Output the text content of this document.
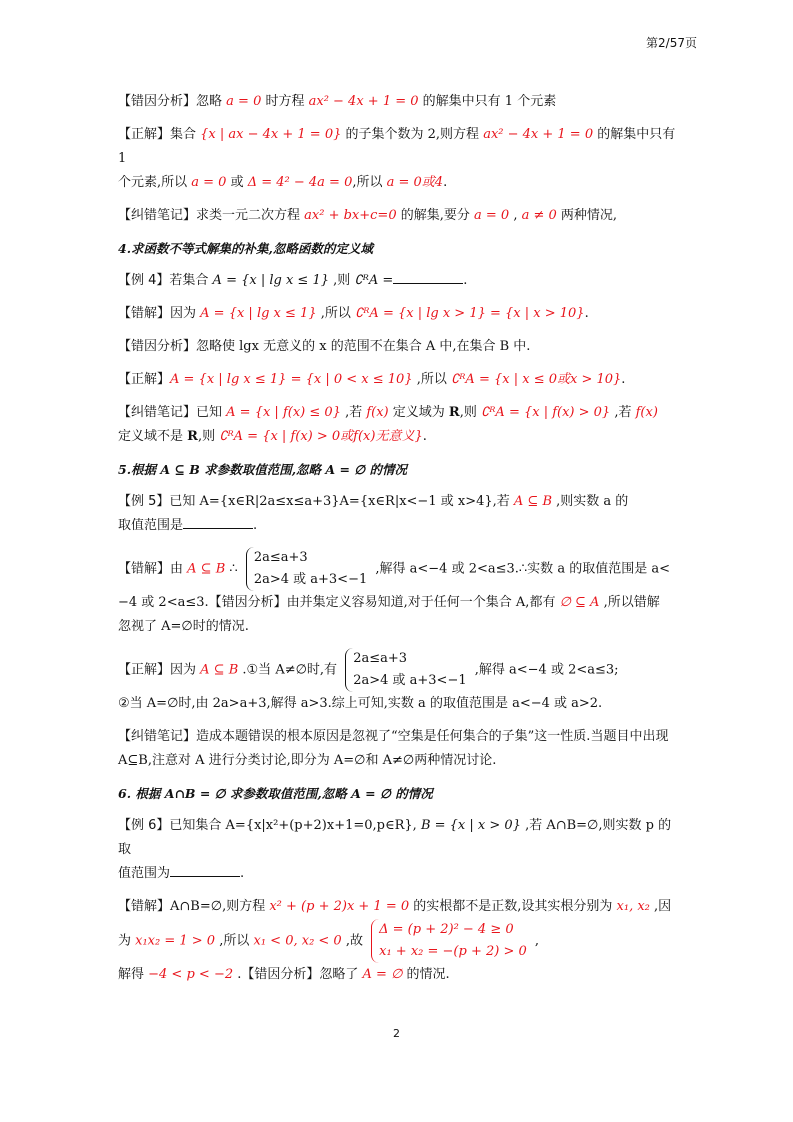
第2/57页

【错因分析】忽略 a = 0 时方程 ax² − 4x + 1 = 0 的解集中只有 1 个元素

【正解】集合 {x | ax − 4x + 1 = 0} 的子集个数为 2,则方程 ax² − 4x + 1 = 0 的解集中只有 1
个元素,所以 a = 0 或 Δ = 4² − 4a = 0,所以 a = 0或4.

【纠错笔记】求类一元二次方程 ax² + bx+c=0 的解集,要分 a = 0 , a ≠ 0 两种情况,

4.求函数不等式解集的补集,忽略函数的定义域

【例 4】若集合 A = {x | lg x ≤ 1} ,则 ∁ᴿA =	.

【错解】因为 A = {x | lg x ≤ 1} ,所以 ∁ᴿA = {x | lg x > 1} = {x | x > 10}.

【错因分析】忽略使 lgx 无意义的 x 的范围不在集合 A 中,在集合 B 中.

【正解】A = {x | lg x ≤ 1} = {x | 0 < x ≤ 10} ,所以 ∁ᴿA = {x | x ≤ 0或x > 10}.

【纠错笔记】已知 A = {x | f(x) ≤ 0} ,若 f(x) 定义域为 R,则 ∁ᴿA = {x | f(x) > 0} ,若 f(x)
定义域不是 R,则 ∁ᴿA = {x | f(x) > 0或f(x)无意义}.

5.根据 A ⊆ B 求参数取值范围,忽略 A = ∅ 的情况

【例 5】已知 A={x∈R|2a≤x≤a+3}A={x∈R|x<−1 或 x>4},若 A ⊆ B ,则实数 a 的
取值范围是	.

【错解】由 A ⊆ B ∴
2a≤a+3
2a>4 或 a+3<−1
,解得 a<−4 或 2<a≤3.∴实数 a 的取值范围是 a<
−4 或 2<a≤3.【错因分析】由并集定义容易知道,对于任何一个集合 A,都有 ∅ ⊆ A ,所以错解
忽视了 A=∅时的情况.
【正解】因为 A ⊆ B .①当 A≠∅时,有
2a≤a+3
2a>4 或 a+3<−1
,解得 a<−4 或 2<a≤3;
②当 A=∅时,由 2a>a+3,解得 a>3.综上可知,实数 a 的取值范围是 a<−4 或 a>2.

【纠错笔记】造成本题错误的根本原因是忽视了“空集是任何集合的子集”这一性质.当题目中出现 A⊆B,注意对 A 进行分类讨论,即分为 A=∅和 A≠∅两种情况讨论.

6. 根据 A∩B = ∅ 求参数取值范围,忽略 A = ∅ 的情况

【例 6】已知集合 A={x|x²+(p+2)x+1=0,p∈R}, B = {x | x > 0} ,若 A∩B=∅,则实数 p 的取
值范围为	.

【错解】A∩B=∅,则方程 x² + (p + 2)x + 1 = 0 的实根都不是正数,设其实根分别为 x₁, x₂ ,因
为 x₁x₂ = 1 > 0 ,所以 x₁ < 0, x₂ < 0 ,故
Δ = (p + 2)² − 4 ≥ 0
x₁ + x₂ = −(p + 2) > 0
,
解得 −4 < p < −2 .【错因分析】忽略了 A = ∅ 的情况.
2
